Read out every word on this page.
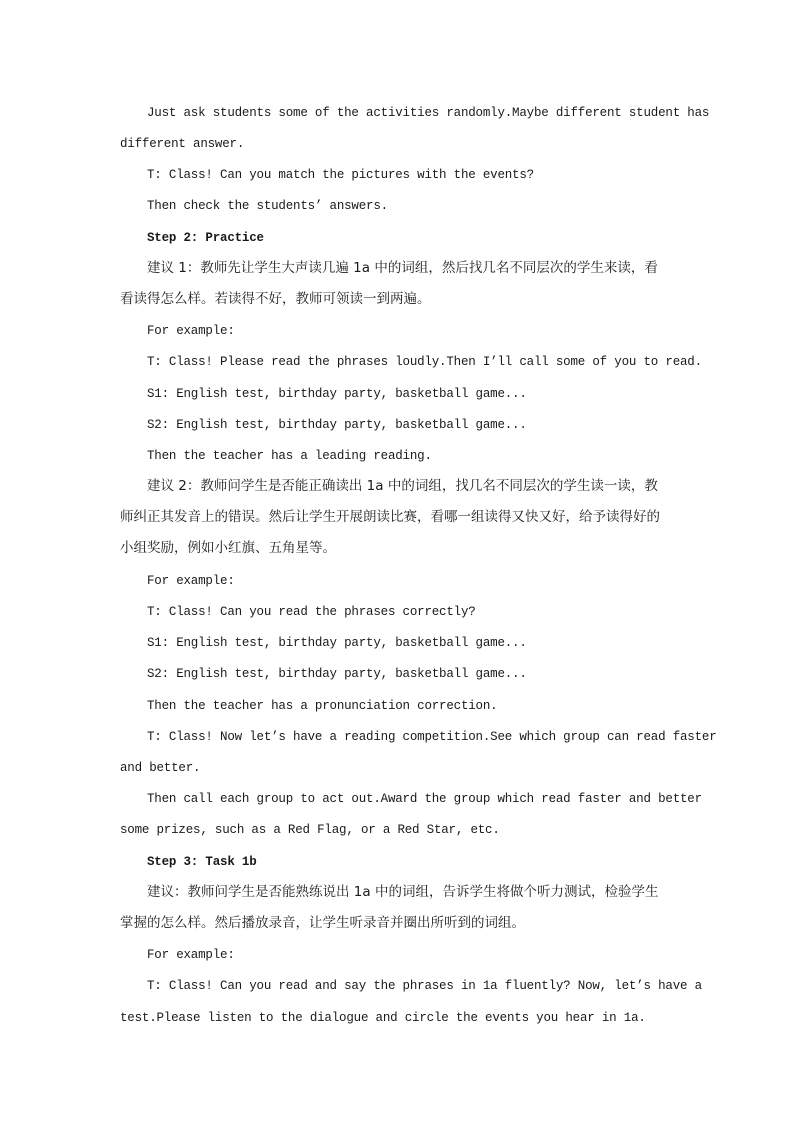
Just ask students some of the activities randomly.Maybe different student has
different answer.
T: Class! Can you match the pictures with the events?
Then check the students’ answers.
Step 2: Practice
建议 1：教师先让学生大声读几遍 1a 中的词组，然后找几名不同层次的学生来读，看
看读得怎么样。若读得不好，教师可领读一到两遍。
For example:
T: Class! Please read the phrases loudly.Then I’ll call some of you to read.
S1: English test, birthday party, basketball game...
S2: English test, birthday party, basketball game...
Then the teacher has a leading reading.
建议 2：教师问学生是否能正确读出 1a 中的词组，找几名不同层次的学生读一读，教
师纠正其发音上的错误。然后让学生开展朗读比赛，看哪一组读得又快又好，给予读得好的
小组奖励，例如小红旗、五角星等。
For example:
T: Class! Can you read the phrases correctly?
S1: English test, birthday party, basketball game...
S2: English test, birthday party, basketball game...
Then the teacher has a pronunciation correction.
T: Class! Now let’s have a reading competition.See which group can read faster
and better.
Then call each group to act out.Award the group which read faster and better
some prizes, such as a Red Flag, or a Red Star, etc.
Step 3: Task 1b
建议：教师问学生是否能熟练说出 1a 中的词组，告诉学生将做个听力测试，检验学生
掌握的怎么样。然后播放录音，让学生听录音并圈出所听到的词组。
For example:
T: Class! Can you read and say the phrases in 1a fluently? Now, let’s have a
test.Please listen to the dialogue and circle the events you hear in 1a.
